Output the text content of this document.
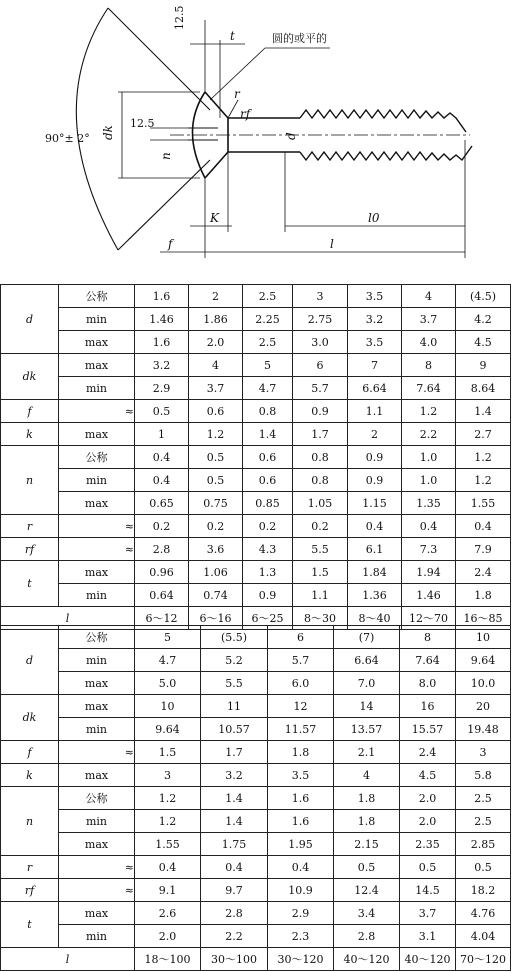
90°± 2°
12.5
t	圆的或平的
r
rf
dk
12.5
n
d
K
f
l0
l
d	公称	1.6	2	2.5	3	3.5	4	(4.5)
	min	1.46	1.86	2.25	2.75	3.2	3.7	4.2
	max	1.6	2.0	2.5	3.0	3.5	4.0	4.5
dk	max	3.2	4	5	6	7	8	9
	min	2.9	3.7	4.7	5.7	6.64	7.64	8.64
f	≈	0.5	0.6	0.8	0.9	1.1	1.2	1.4
k	max	1	1.2	1.4	1.7	2	2.2	2.7
n	公称	0.4	0.5	0.6	0.8	0.9	1.0	1.2
	min	0.4	0.5	0.6	0.8	0.9	1.0	1.2
	max	0.65	0.75	0.85	1.05	1.15	1.35	1.55
r	≈	0.2	0.2	0.2	0.2	0.4	0.4	0.4
rf	≈	2.8	3.6	4.3	5.5	6.1	7.3	7.9
t	max	0.96	1.06	1.3	1.5	1.84	1.94	2.4
	min	0.64	0.74	0.9	1.1	1.36	1.46	1.8
l		6～12	6～16	6～25	8～30	8～40	12～70	16～85
d	公称	5	(5.5)	6	(7)	8	10
	min	4.7	5.2	5.7	6.64	7.64	9.64
	max	5.0	5.5	6.0	7.0	8.0	10.0
dk	max	10	11	12	14	16	20
	min	9.64	10.57	11.57	13.57	15.57	19.48
f	≈	1.5	1.7	1.8	2.1	2.4	3
k	max	3	3.2	3.5	4	4.5	5.8
n	公称	1.2	1.4	1.6	1.8	2.0	2.5
	min	1.2	1.4	1.6	1.8	2.0	2.5
	max	1.55	1.75	1.95	2.15	2.35	2.85
r	≈	0.4	0.4	0.4	0.5	0.5	0.5
rf	≈	9.1	9.7	10.9	12.4	14.5	18.2
t	max	2.6	2.8	2.9	3.4	3.7	4.76
	min	2.0	2.2	2.3	2.8	3.1	4.04
l		18～100	30～100	30～120	40～120	40～120	70～120
